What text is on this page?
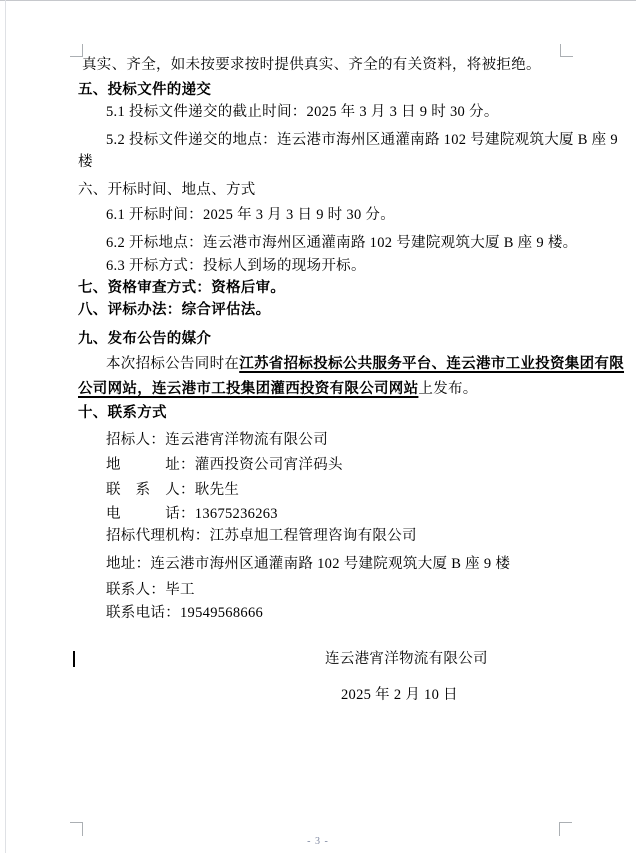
真实、齐全，如未按要求按时提供真实、齐全的有关资料，将被拒绝。
五、投标文件的递交
5.1 投标文件递交的截止时间：2025 年 3 月 3 日 9 时 30 分。
5.2 投标文件递交的地点：连云港市海州区通灌南路 102 号建院观筑大厦 B 座 9
楼
六、开标时间、地点、方式
6.1 开标时间：2025 年 3 月 3 日 9 时 30 分。
6.2 开标地点：连云港市海州区通灌南路 102 号建院观筑大厦 B 座 9 楼。
6.3 开标方式：投标人到场的现场开标。
七、资格审查方式：资格后审。
八、评标办法：综合评估法。
九、发布公告的媒介
本次招标公告同时在江苏省招标投标公共服务平台、连云港市工业投资集团有限
公司网站，连云港市工投集团灌西投资有限公司网站上发布。
十、联系方式
招标人：连云港宵洋物流有限公司
地　　　址：灌西投资公司宵洋码头
联　系　人：耿先生
电　　　话：13675236263
招标代理机构：江苏卓旭工程管理咨询有限公司
地址：连云港市海州区通灌南路 102 号建院观筑大厦 B 座 9 楼
联系人：毕工
联系电话：19549568666
连云港宵洋物流有限公司
2025 年 2 月 10 日
- 3 -
